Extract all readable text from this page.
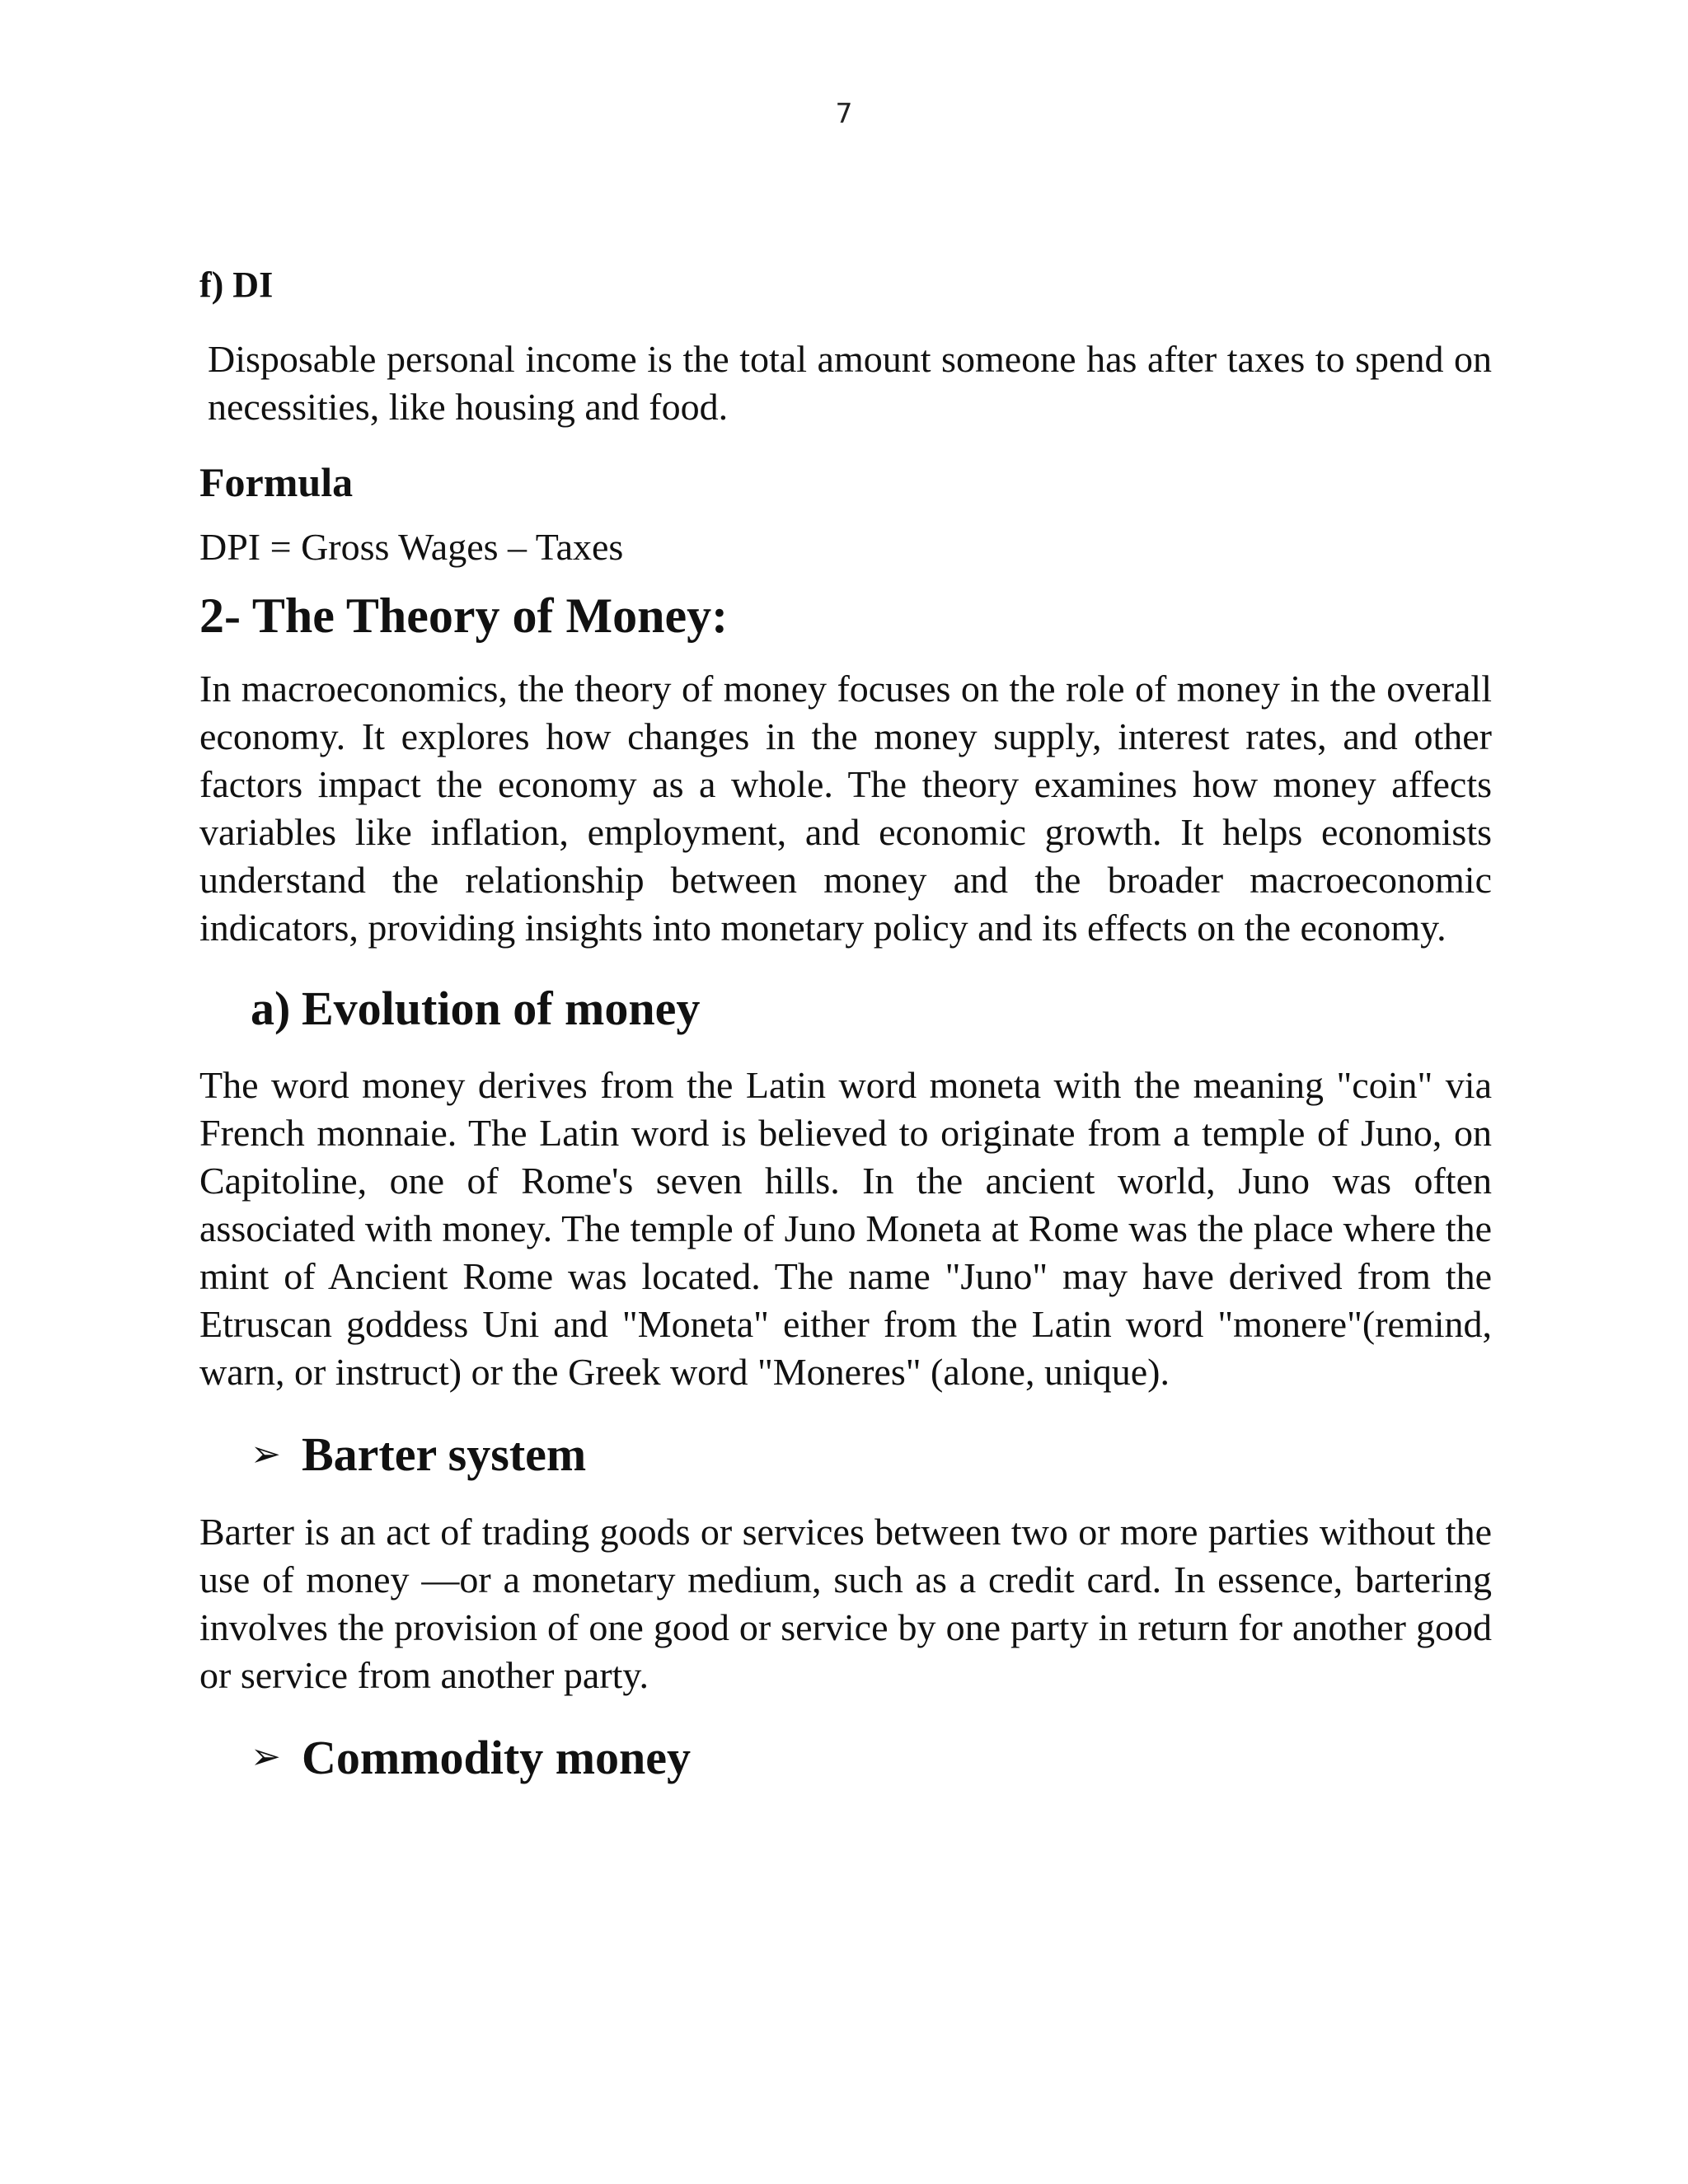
7
f) DI

Disposable personal income is the total amount someone has after taxes to spend on necessities, like housing and food.

Formula
DPI = Gross Wages – Taxes
2- The Theory of Money:

In macroeconomics, the theory of money focuses on the role of money in the overall economy. It explores how changes in the money supply, interest rates, and other factors impact the economy as a whole. The theory examines how money affects variables like inflation, employment, and economic growth. It helps economists understand the relationship between money and the broader macroeconomic indicators, providing insights into monetary policy and its effects on the economy.

a) Evolution of money

The word money derives from the Latin word moneta with the meaning "coin" via French monnaie. The Latin word is believed to originate from a temple of Juno, on Capitoline, one of Rome's seven hills. In the ancient world, Juno was often associated with money. The temple of Juno Moneta at Rome was the place where the mint of Ancient Rome was located. The name "Juno" may have derived from the Etruscan goddess Uni and "Moneta" either from the Latin word "monere"(remind, warn, or instruct) or the Greek word "Moneres" (alone, unique).

➢ Barter system

Barter is an act of trading goods or services between two or more parties without the use of money —or a monetary medium, such as a credit card. In essence, bartering involves the provision of one good or service by one party in return for another good or service from another party.

➢ Commodity money
